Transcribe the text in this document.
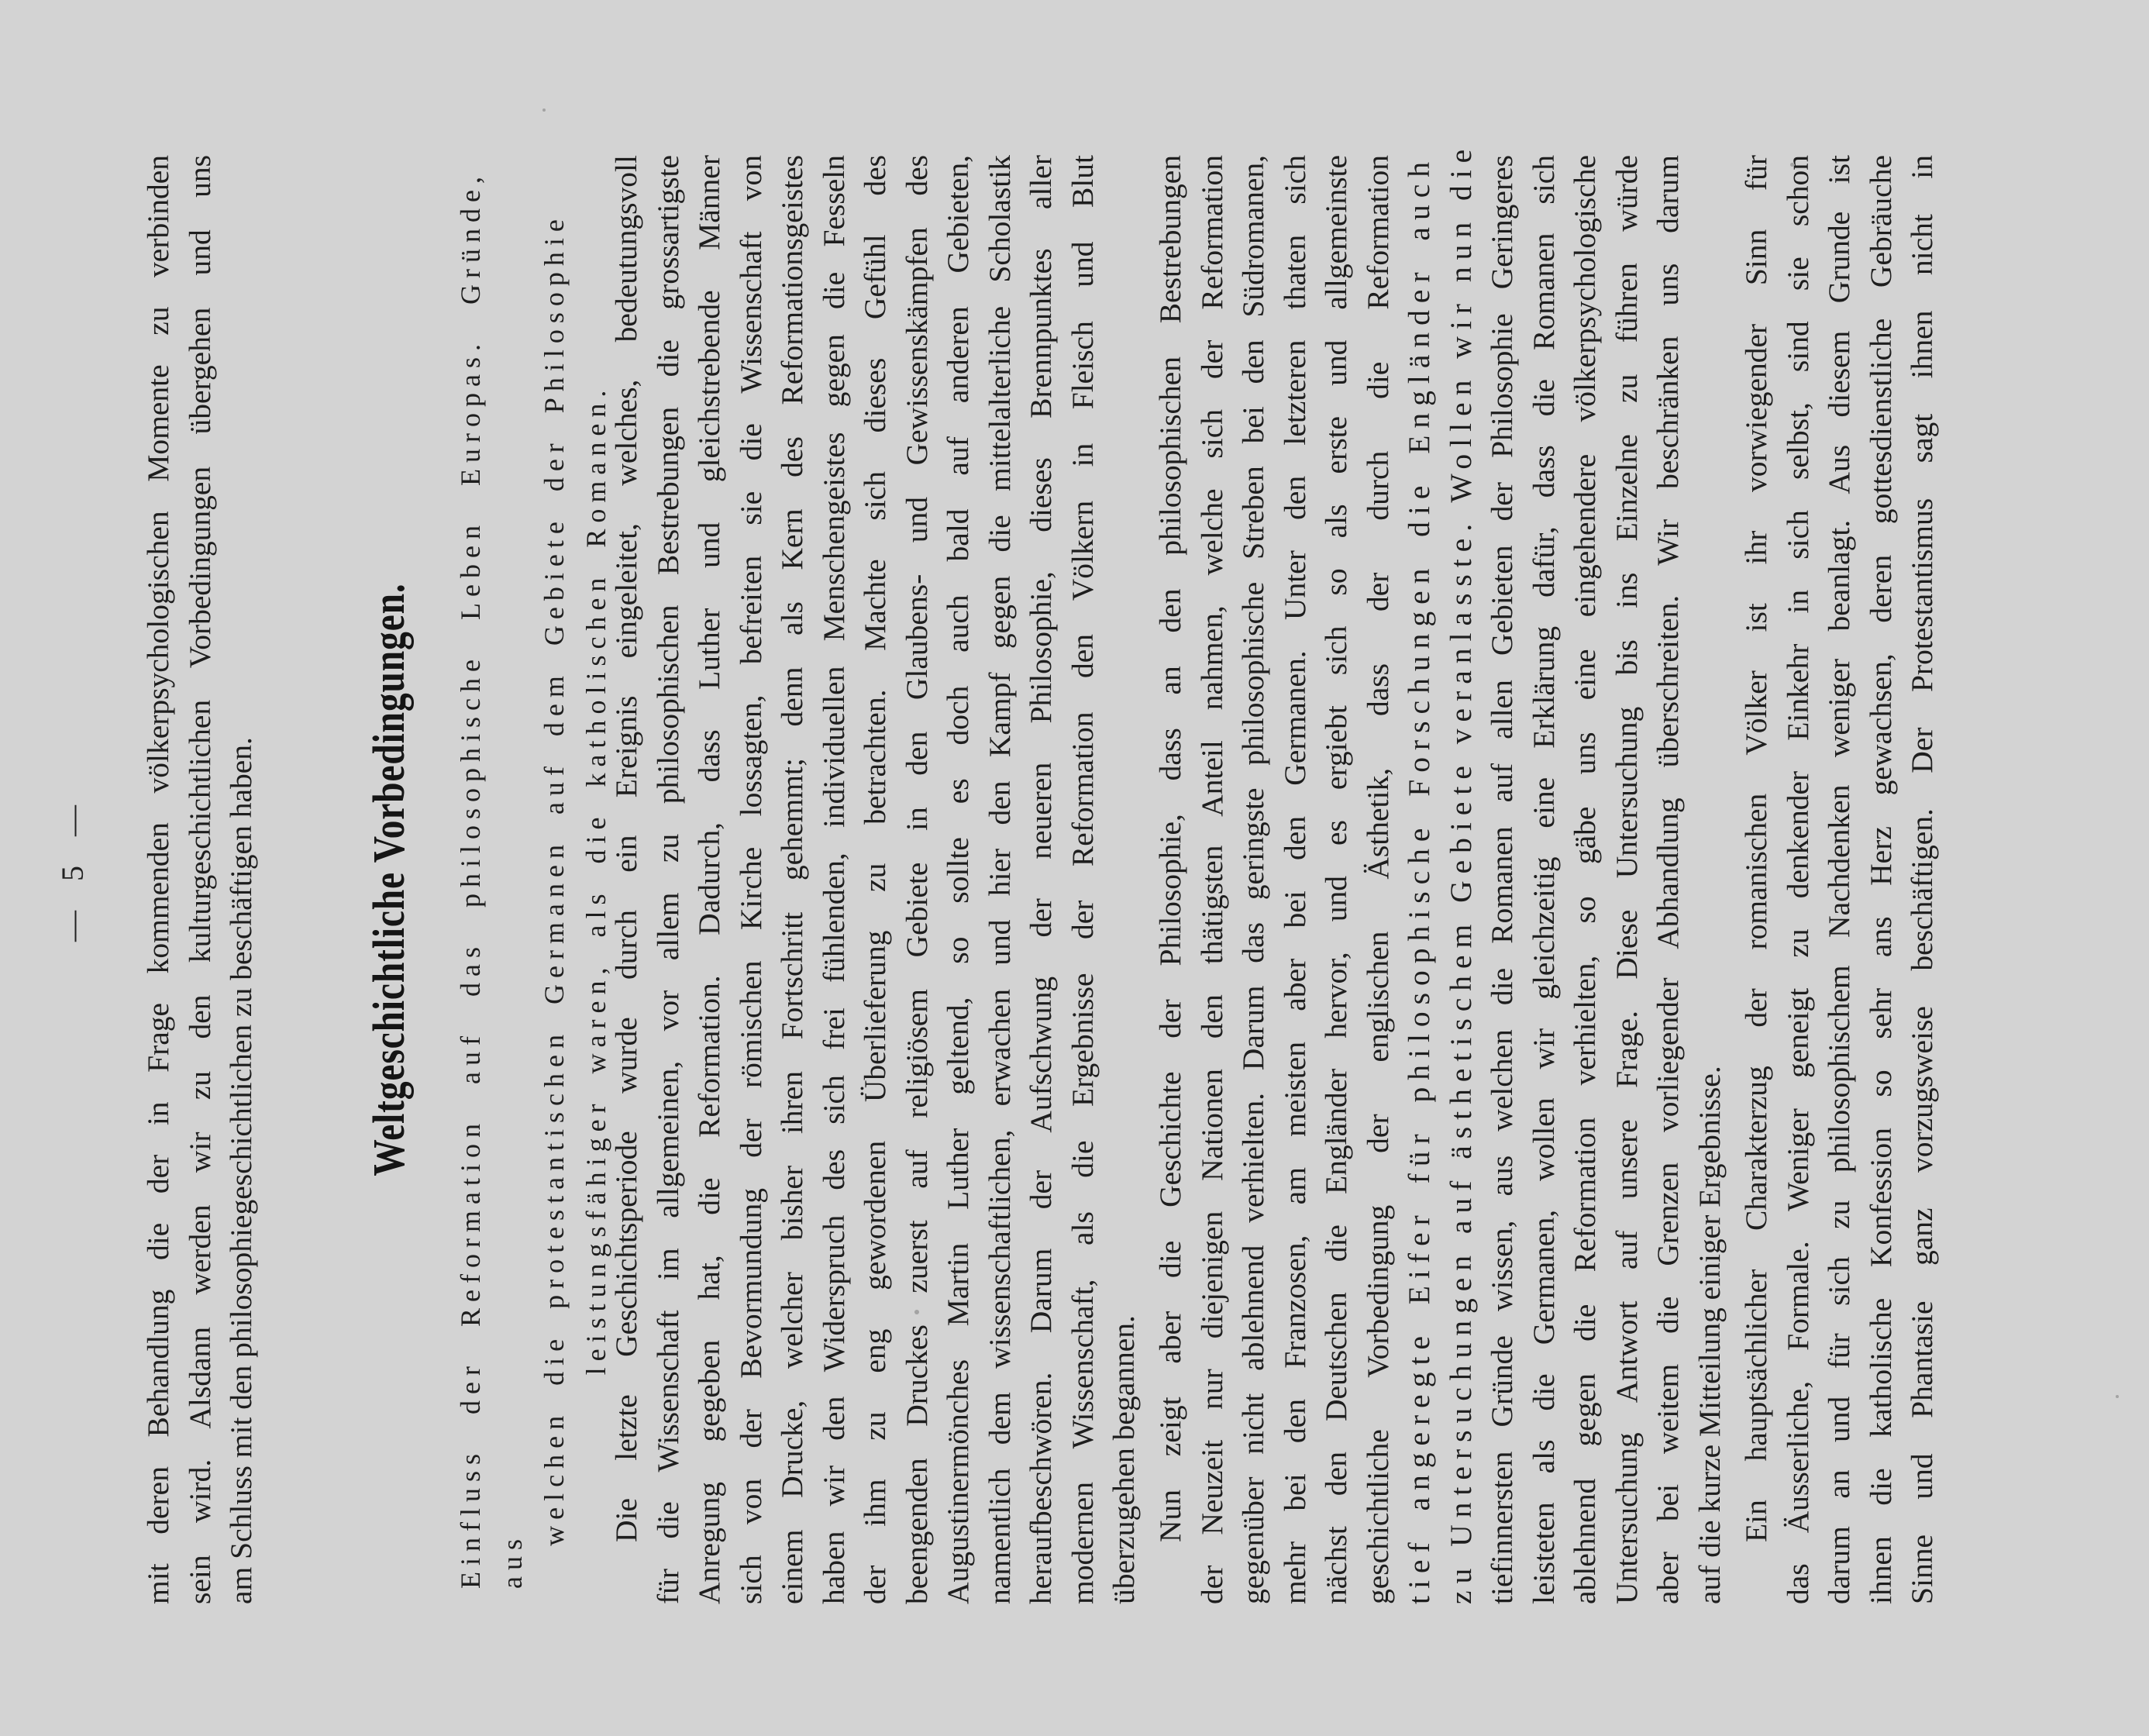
— 5 — mit deren Behandlung die der in Frage kommenden völkerpsychologischen Momente zu verbinden sein wird. Alsdann werden wir zu den kulturgeschichtlichen Vorbedingungen übergehen und uns am Schluss mit den philosophiegeschichtlichen zu beschäftigen haben. Weltgeschichtliche Vorbedingungen. Einfluss der Reformation auf das philosophische Leben Europas. Gründe, aus
welchen die protestantischen Germanen auf dem Gebiete der Philosophie leistungsfähiger waren, als die katholischen Romanen.
Die letzte Geschichtsperiode wurde durch ein Ereignis eingeleitet, welches, bedeutungsvoll für die Wissenschaft im allgemeinen, vor allem zu philosophischen Bestrebungen die grossartigste Anregung gegeben hat, die Reformation. Dadurch, dass Luther und gleichstrebende Männer sich von der Bevormundung der römischen Kirche lossagten, befreiten sie die Wissenschaft von einem Drucke, welcher bisher ihren Fortschritt gehemmt; denn als Kern des Reformationsgeistes haben wir den Widerspruch des sich frei fühlenden, individuellen Menschengeistes gegen die Fesseln der ihm zu eng gewordenen Überlieferung zu betrachten. Machte sich dieses Gefühl des beengenden Druckes zuerst auf religiösem Gebiete in den Glaubens- und Gewissenskämpfen des Augustinermönches Martin Luther geltend, so sollte es doch auch bald auf anderen Gebieten, namentlich dem wissenschaftlichen, erwachen und hier den Kampf gegen die mittelalterliche Scholastik heraufbeschwören. Darum der Aufschwung der neueren Philosophie, dieses Brennpunktes aller modernen Wissenschaft, als die Ergebnisse der Reformation den Völkern in Fleisch und Blut überzugehen begannen. Nun zeigt aber die Geschichte der Philosophie, dass an den philosophischen Bestrebungen der Neuzeit nur diejenigen Nationen den thätigsten Anteil nahmen, welche sich der Reformation gegenüber nicht ablehnend verhielten. Darum das geringste philosophische Streben bei den Südromanen, mehr bei den Franzosen, am meisten aber bei den Germanen. Unter den letzteren thaten sich nächst den Deutschen die Engländer hervor, und es ergiebt sich so als erste und allgemeinste geschichtliche Vorbedingung der englischen Ästhetik, dass der durch die Reformation tief angeregte Eifer für philosophische Forschungen die Engländer auch zu Untersuchungen auf ästhetischem Gebiete veranlasste. Wollen wir nun die tiefinnersten Gründe wissen, aus welchen die Romanen auf allen Gebieten der Philosophie Geringeres leisteten als die Germanen, wollen wir gleichzeitig eine Erklärung dafür, dass die Romanen sich ablehnend gegen die Reformation verhielten, so gäbe uns eine eingehendere völkerpsychologische Untersuchung Antwort auf unsere Frage. Diese Untersuchung bis ins Einzelne zu führen würde aber bei weitem die Grenzen vorliegender Abhandlung überschreiten. Wir beschränken uns darum auf die kurze Mitteilung einiger Ergebnisse. Ein hauptsächlicher Charakterzug der romanischen Völker ist ihr vorwiegender Sinn für das Äusserliche, Formale. Weniger geneigt zu denkender Einkehr in sich selbst, sind sie schon darum an und für sich zu philosophischem Nachdenken weniger beanlagt. Aus diesem Grunde ist ihnen die katholische Konfession so sehr ans Herz gewachsen, deren gottesdienstliche Gebräuche Sinne und Phantasie ganz vorzugsweise beschäftigen. Der Protestantismus sagt ihnen nicht in
